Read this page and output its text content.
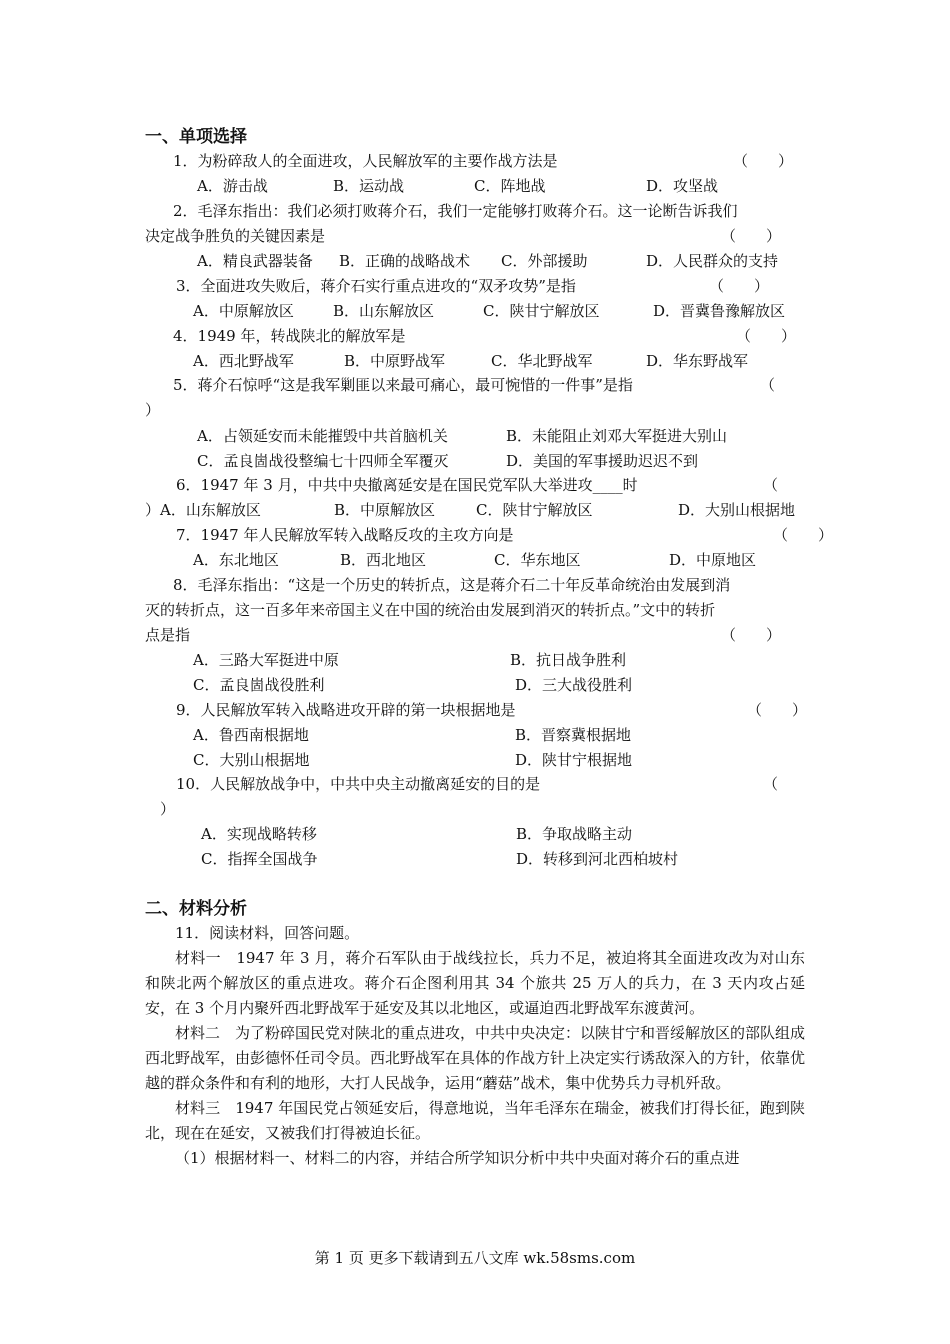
一、单项选择
1．为粉碎敌人的全面进攻，人民解放军的主要作战方法是	（　　）
A．游击战	B．运动战	C．阵地战	D．攻坚战
2．毛泽东指出：我们必须打败蒋介石，我们一定能够打败蒋介石。这一论断告诉我们
决定战争胜负的关键因素是	（　　）
A．精良武器装备 B．正确的战略战术 C．外部援助	D．人民群众的支持
3．全面进攻失败后，蒋介石实行重点进攻的“双矛攻势”是指	（　　）
A．中原解放区	B．山东解放区	C．陕甘宁解放区	D．晋冀鲁豫解放区
4．1949 年，转战陕北的解放军是	（　　）
A．西北野战军	B．中原野战军	C．华北野战军	D．华东野战军
5．蒋介石惊呼“这是我军剿匪以来最可痛心，最可惋惜的一件事”是指	（
）
A．占领延安而未能摧毁中共首脑机关	B．未能阻止刘邓大军挺进大别山
C．孟良崮战役整编七十四师全军覆灭	D．美国的军事援助迟迟不到
6．1947 年 3 月，中共中央撤离延安是在国民党军队大举进攻____时	（
） A．山东解放区	B．中原解放区	C．陕甘宁解放区	D．大别山根据地
7．1947 年人民解放军转入战略反攻的主攻方向是	（　　）
A．东北地区	B．西北地区	C．华东地区	D．中原地区
8．毛泽东指出：“这是一个历史的转折点，这是蒋介石二十年反革命统治由发展到消
灭的转折点，这一百多年来帝国主义在中国的统治由发展到消灭的转折点。”文中的转折
点是指	（　　）
A．三路大军挺进中原	B．抗日战争胜利
C．孟良崮战役胜利	D．三大战役胜利
9．人民解放军转入战略进攻开辟的第一块根据地是	（　　）
A．鲁西南根据地	B．晋察冀根据地
C．大别山根据地	D．陕甘宁根据地
10．人民解放战争中，中共中央主动撤离延安的目的是	（
）
A．实现战略转移	B．争取战略主动
C．指挥全国战争	D．转移到河北西柏坡村
二、材料分析

11．阅读材料，回答问题。

材料一　1947 年 3 月，蒋介石军队由于战线拉长，兵力不足，被迫将其全面进攻改为对山东和陕北两个解放区的重点进攻。蒋介石企图利用其 34 个旅共 25 万人的兵力，在 3 天内攻占延安，在 3 个月内聚歼西北野战军于延安及其以北地区，或逼迫西北野战军东渡黄河。

材料二　为了粉碎国民党对陕北的重点进攻，中共中央决定：以陕甘宁和晋绥解放区的部队组成西北野战军，由彭德怀任司令员。西北野战军在具体的作战方针上决定实行诱敌深入的方针，依靠优越的群众条件和有利的地形，大打人民战争，运用“蘑菇”战术，集中优势兵力寻机歼敌。

材料三　1947 年国民党占领延安后，得意地说，当年毛泽东在瑞金，被我们打得长征，跑到陕北，现在在延安，又被我们打得被迫长征。

（1）根据材料一、材料二的内容，并结合所学知识分析中共中央面对蒋介石的重点进

第 1 页 更多下载请到五八文库 wk.58sms.com
